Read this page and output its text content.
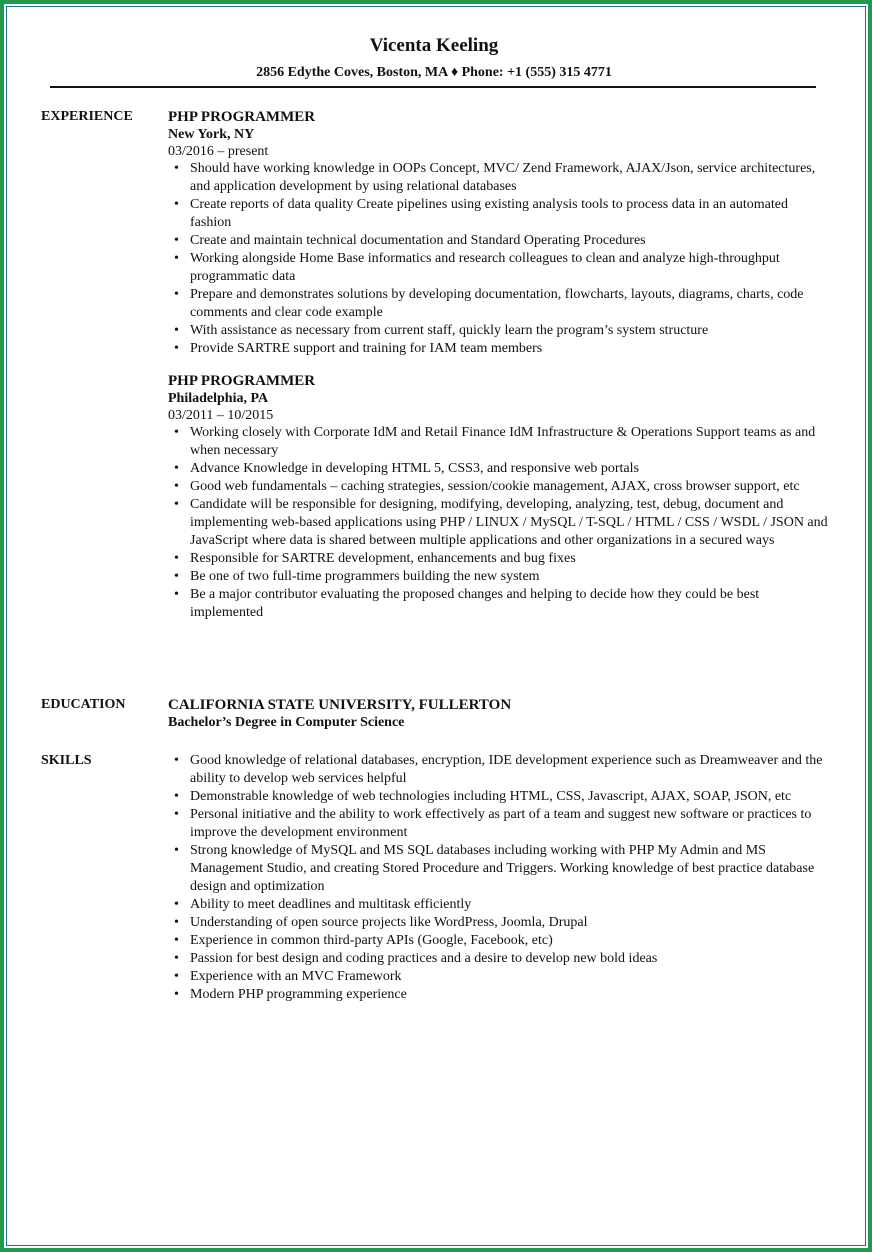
Vicenta Keeling
2856 Edythe Coves, Boston, MA ♦ Phone: +1 (555) 315 4771
EXPERIENCE	PHP PROGRAMMER
New York, NY
03/2016 – present
• Should have working knowledge in OOPs Concept, MVC/ Zend Framework, AJAX/Json, service architectures, and application development by using relational databases
• Create reports of data quality Create pipelines using existing analysis tools to process data in an automated fashion
• Create and maintain technical documentation and Standard Operating Procedures
• Working alongside Home Base informatics and research colleagues to clean and analyze high-throughput programmatic data
• Prepare and demonstrates solutions by developing documentation, flowcharts, layouts, diagrams, charts, code comments and clear code example
• With assistance as necessary from current staff, quickly learn the program’s system structure
• Provide SARTRE support and training for IAM team members
PHP PROGRAMMER
Philadelphia, PA
03/2011 – 10/2015
• Working closely with Corporate IdM and Retail Finance IdM Infrastructure & Operations Support teams as and when necessary
• Advance Knowledge in developing HTML 5, CSS3, and responsive web portals
• Good web fundamentals – caching strategies, session/cookie management, AJAX, cross browser support, etc
• Candidate will be responsible for designing, modifying, developing, analyzing, test, debug, document and implementing web-based applications using PHP / LINUX / MySQL / T-SQL / HTML / CSS / WSDL / JSON and JavaScript where data is shared between multiple applications and other organizations in a secured ways
• Responsible for SARTRE development, enhancements and bug fixes
• Be one of two full-time programmers building the new system
• Be a major contributor evaluating the proposed changes and helping to decide how they could be best implemented
EDUCATION	CALIFORNIA STATE UNIVERSITY, FULLERTON
Bachelor’s Degree in Computer Science
SKILLS	• Good knowledge of relational databases, encryption, IDE development experience such as Dreamweaver and the ability to develop web services helpful
• Demonstrable knowledge of web technologies including HTML, CSS, Javascript, AJAX, SOAP, JSON, etc
• Personal initiative and the ability to work effectively as part of a team and suggest new software or practices to improve the development environment
• Strong knowledge of MySQL and MS SQL databases including working with PHP My Admin and MS Management Studio, and creating Stored Procedure and Triggers. Working knowledge of best practice database design and optimization
• Ability to meet deadlines and multitask efficiently
• Understanding of open source projects like WordPress, Joomla, Drupal
• Experience in common third-party APIs (Google, Facebook, etc)
• Passion for best design and coding practices and a desire to develop new bold ideas
• Experience with an MVC Framework
• Modern PHP programming experience
